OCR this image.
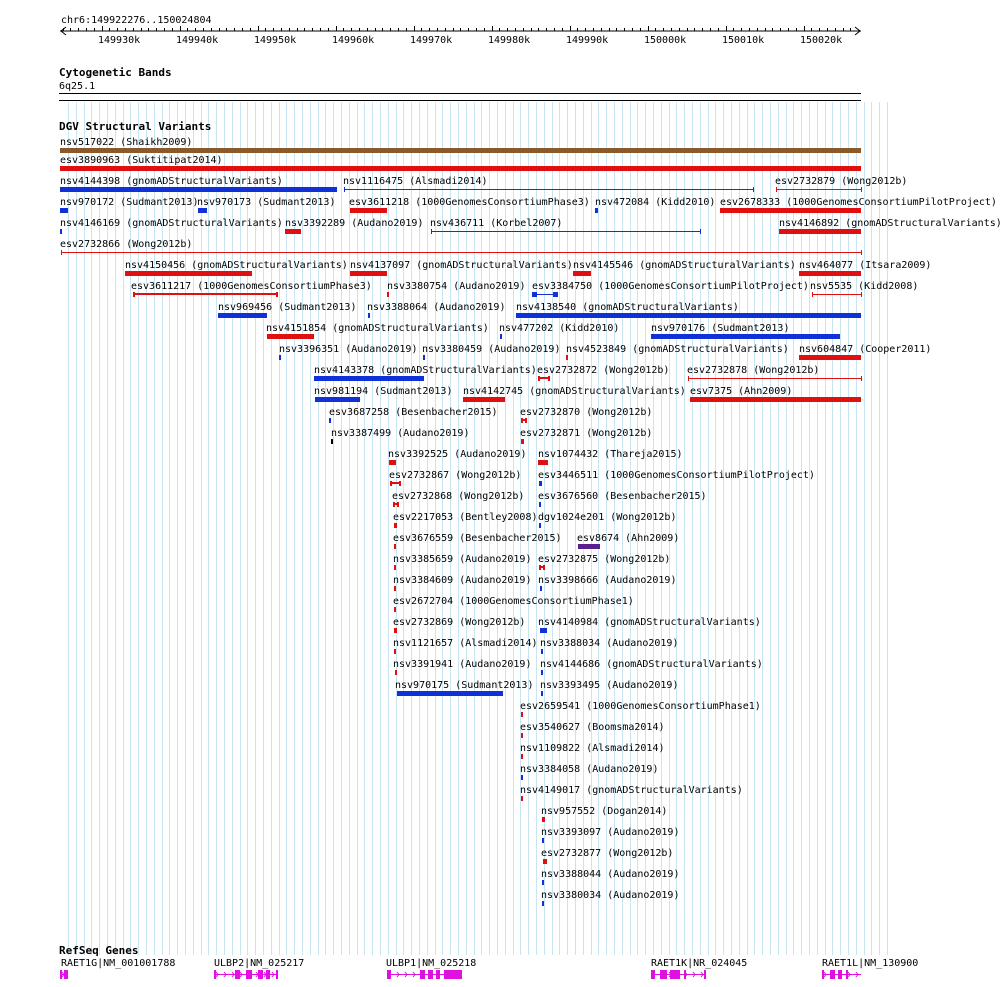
chr6:149922276..150024804
149930k	149940k	149950k	149960k	149970k	149980k	149990k	150000k	150010k	150020k
Cytogenetic Bands
6q25.1
DGV Structural Variants
nsv517022 (Shaikh2009)
esv3890963 (Suktitipat2014)
nsv4144398 (gnomADStructuralVariants)	nsv1116475 (Alsmadi2014)	esv2732879 (Wong2012b)
nsv970172 (Sudmant2013)
nsv970173 (Sudmant2013) esv3611218 (1000GenomesConsortiumPhase3) nsv472084 (Kidd2010) esv2678333 (1000GenomesConsortiumPilotProject)
nsv4146169 (gnomADStructuralVariants) nsv3392289 (Audano2019) nsv436711 (Korbel2007)	nsv4146892 (gnomADStructuralVariants)
esv2732866 (Wong2012b)
nsv4150456 (gnomADStructuralVariants) nsv4137097 (gnomADStructuralVariants) nsv4145546 (gnomADStructuralVariants) nsv464077 (Itsara2009)
esv3611217 (1000GenomesConsortiumPhase3) nsv3380754 (Audano2019) esv3384750 (1000GenomesConsortiumPilotProject) nsv5535 (Kidd2008)
nsv969456 (Sudmant2013) nsv3388064 (Audano2019) nsv4138540 (gnomADStructuralVariants)
nsv4151854 (gnomADStructuralVariants) nsv477202 (Kidd2010)	nsv970176 (Sudmant2013)
nsv3396351 (Audano2019) nsv3380459 (Audano2019) nsv4523849 (gnomADStructuralVariants) nsv604847 (Cooper2011)
nsv4143378 (gnomADStructuralVariants) esv2732872 (Wong2012b) esv2732878 (Wong2012b)
nsv981194 (Sudmant2013) nsv4142745 (gnomADStructuralVariants) esv7375 (Ahn2009)
esv3687258 (Besenbacher2015) esv2732870 (Wong2012b)
nsv3387499 (Audano2019)	esv2732871 (Wong2012b)
nsv3392525 (Audano2019) nsv1074432 (Thareja2015)
esv2732867 (Wong2012b) esv3446511 (1000GenomesConsortiumPilotProject)
esv2732868 (Wong2012b) esv3676560 (Besenbacher2015)
esv2217053 (Bentley2008) dgv1024e201 (Wong2012b)
esv3676559 (Besenbacher2015) esv8674 (Ahn2009)
nsv3385659 (Audano2019) esv2732875 (Wong2012b)
nsv3384609 (Audano2019) nsv3398666 (Audano2019)
esv2672704 (1000GenomesConsortiumPhase1)
esv2732869 (Wong2012b) nsv4140984 (gnomADStructuralVariants)
nsv1121657 (Alsmadi2014) nsv3388034 (Audano2019)
nsv3391941 (Audano2019) nsv4144686 (gnomADStructuralVariants)
nsv970175 (Sudmant2013) nsv3393495 (Audano2019)
esv2659541 (1000GenomesConsortiumPhase1)
esv3540627 (Boomsma2014)
nsv1109822 (Alsmadi2014)
nsv3384058 (Audano2019)
nsv4149017 (gnomADStructuralVariants)
nsv957552 (Dogan2014)
nsv3393097 (Audano2019)
esv2732877 (Wong2012b)
nsv3388044 (Audano2019)
nsv3380034 (Audano2019)
RefSeq Genes
RAET1G|NM_001001788	ULBP2|NM_025217	ULBP1|NM_025218	RAET1K|NR_024045	RAET1L|NM_130900
